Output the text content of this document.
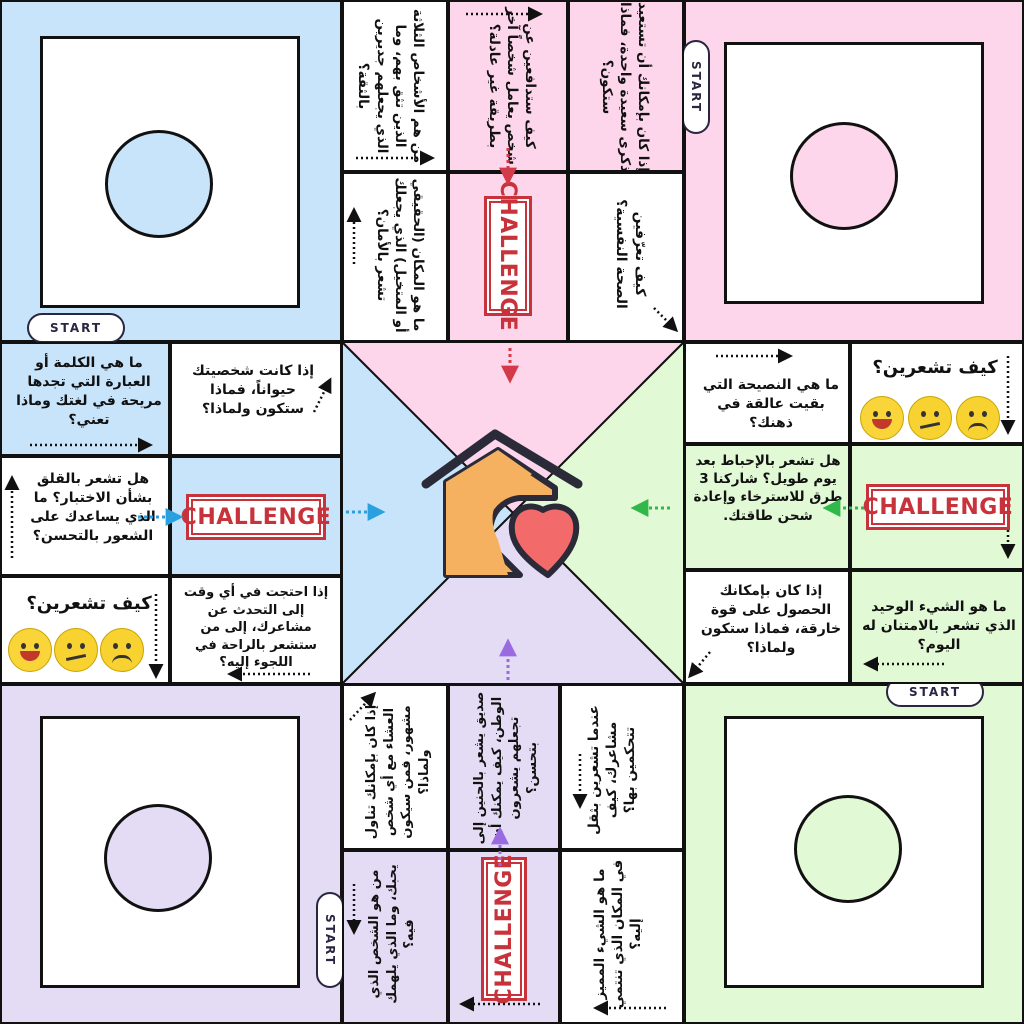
START
START
START
START
إذا كان بإمكانك أن تستعيد ذكرى سعيدة واحدة، فماذا ستكون؟
كيف ستدافعين عن شخص يعامل شخصاً آخر بطريقة غير عادلة؟
من هم الأشخاص الثلاثة الذين تثق بهم، وما الذي يجعلهم جديرين بالثقة؟
كيف تعرّفين الصحة النفسية؟
ما هو المكان (الحقيقي أو المتخيل) الذي يجعلك تشعر بالأمان؟	CHALLENGE
ما هي الكلمة أو العبارة التي تجدها مريحة في لغتك وماذا تعني؟
إذا كانت شخصيتك حيواناً، فماذا ستكون ولماذا؟
هل تشعر بالقلق بشأن الاختبار؟ ما الذي يساعدك على الشعور بالتحسن؟
CHALLENGE
كيف تشعرين؟
إذا احتجت في أي وقت إلى التحدث عن مشاعرك، إلى من ستشعر بالراحة في اللجوء إليه؟
ما هي النصيحة التي بقيت عالقة في ذهنك؟
كيف تشعرين؟
هل تشعر بالإحباط بعد يوم طويل؟ شاركنا 3 طرق للاسترخاء وإعادة شحن طاقتك.	CHALLENGE
إذا كان بإمكانك الحصول على قوة خارقة، فماذا ستكون ولماذا؟
ما هو الشيء الوحيد الذي تشعر بالامتنان له اليوم؟
عندما تشعرين بثقل مشاعرك، كيف تتحكمين بها؟
صديق يشعر بالحنين إلى الوطن، كيف يمكنك أن تجعلهم يشعرون بتحسن؟
إذا كان بإمكانك تناول العشاء مع أي شخص مشهور، فمن سيكون ولماذا؟
ما هو الشيء المميز في المكان الذي تنتمي إليه؟
CHALLENGE
من هو الشخص الذي يحبك، وما الذي يلهمك فيه؟
